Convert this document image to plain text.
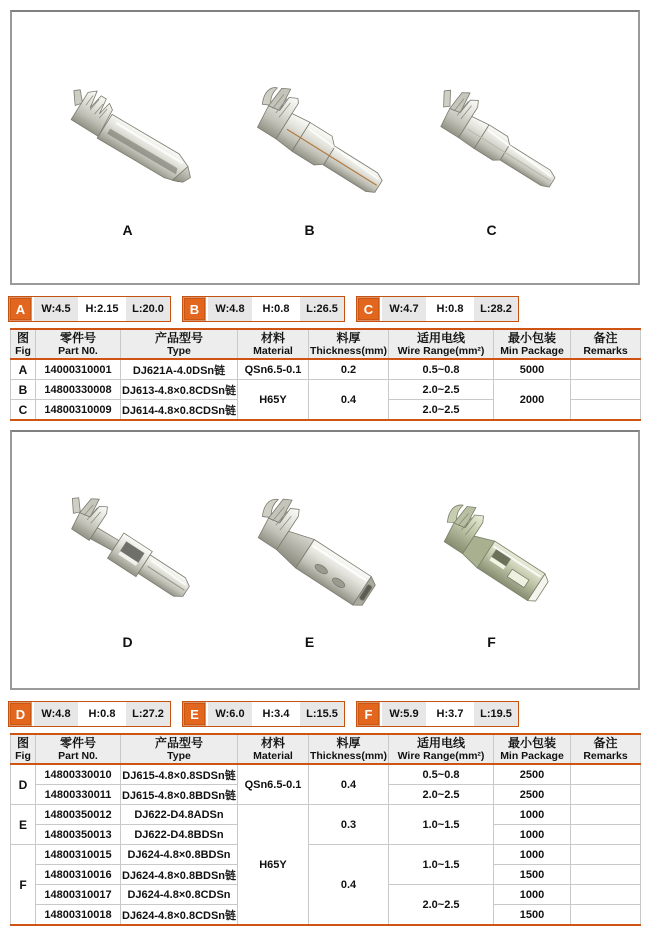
A	B	C
A	W:4.5	H:2.15	L:20.0	B	W:4.8	H:0.8	L:26.5	C	W:4.7	H:0.8	L:28.2
图
Fig

零件号
Part N0.

产品型号
Type

材料
Material

料厚
Thickness(mm)

适用电线
Wire Range(mm²)

最小包装
Min Package

备注
Remarks

A	14000310001	DJ621A-4.0DSn链	QSn6.5-0.1	0.2	0.5~0.8	5000	
B	14800330008	DJ613-4.8×0.8CDSn链	H65Y	0.4	2.0~2.5	2000	
C	14800310009	DJ614-4.8×0.8CDSn链			2.0~2.5		
D	E	F
D	W:4.8	H:0.8	L:27.2	E	W:6.0	H:3.4	L:15.5	F	W:5.9	H:3.7	L:19.5
图
Fig

零件号
Part N0.

产品型号
Type

材料
Material

料厚
Thickness(mm)

适用电线
Wire Range(mm²)

最小包装
Min Package

备注
Remarks

D	14800330010	DJ615-4.8×0.8SDSn链	QSn6.5-0.1	0.4	0.5~0.8	2500	
	14800330011	DJ615-4.8×0.8BDSn链			2.0~2.5	2500	
E	14800350012	DJ622-D4.8ADSn	H65Y	0.3	1.0~1.5	1000	
	14800350013	DJ622-D4.8BDSn				1000	
F	14800310015	DJ624-4.8×0.8BDSn		0.4	1.0~1.5	1000	
	14800310016	DJ624-4.8×0.8BDSn链				1500	
	14800310017	DJ624-4.8×0.8CDSn			2.0~2.5	1000	
	14800310018	DJ624-4.8×0.8CDSn链				1500	
